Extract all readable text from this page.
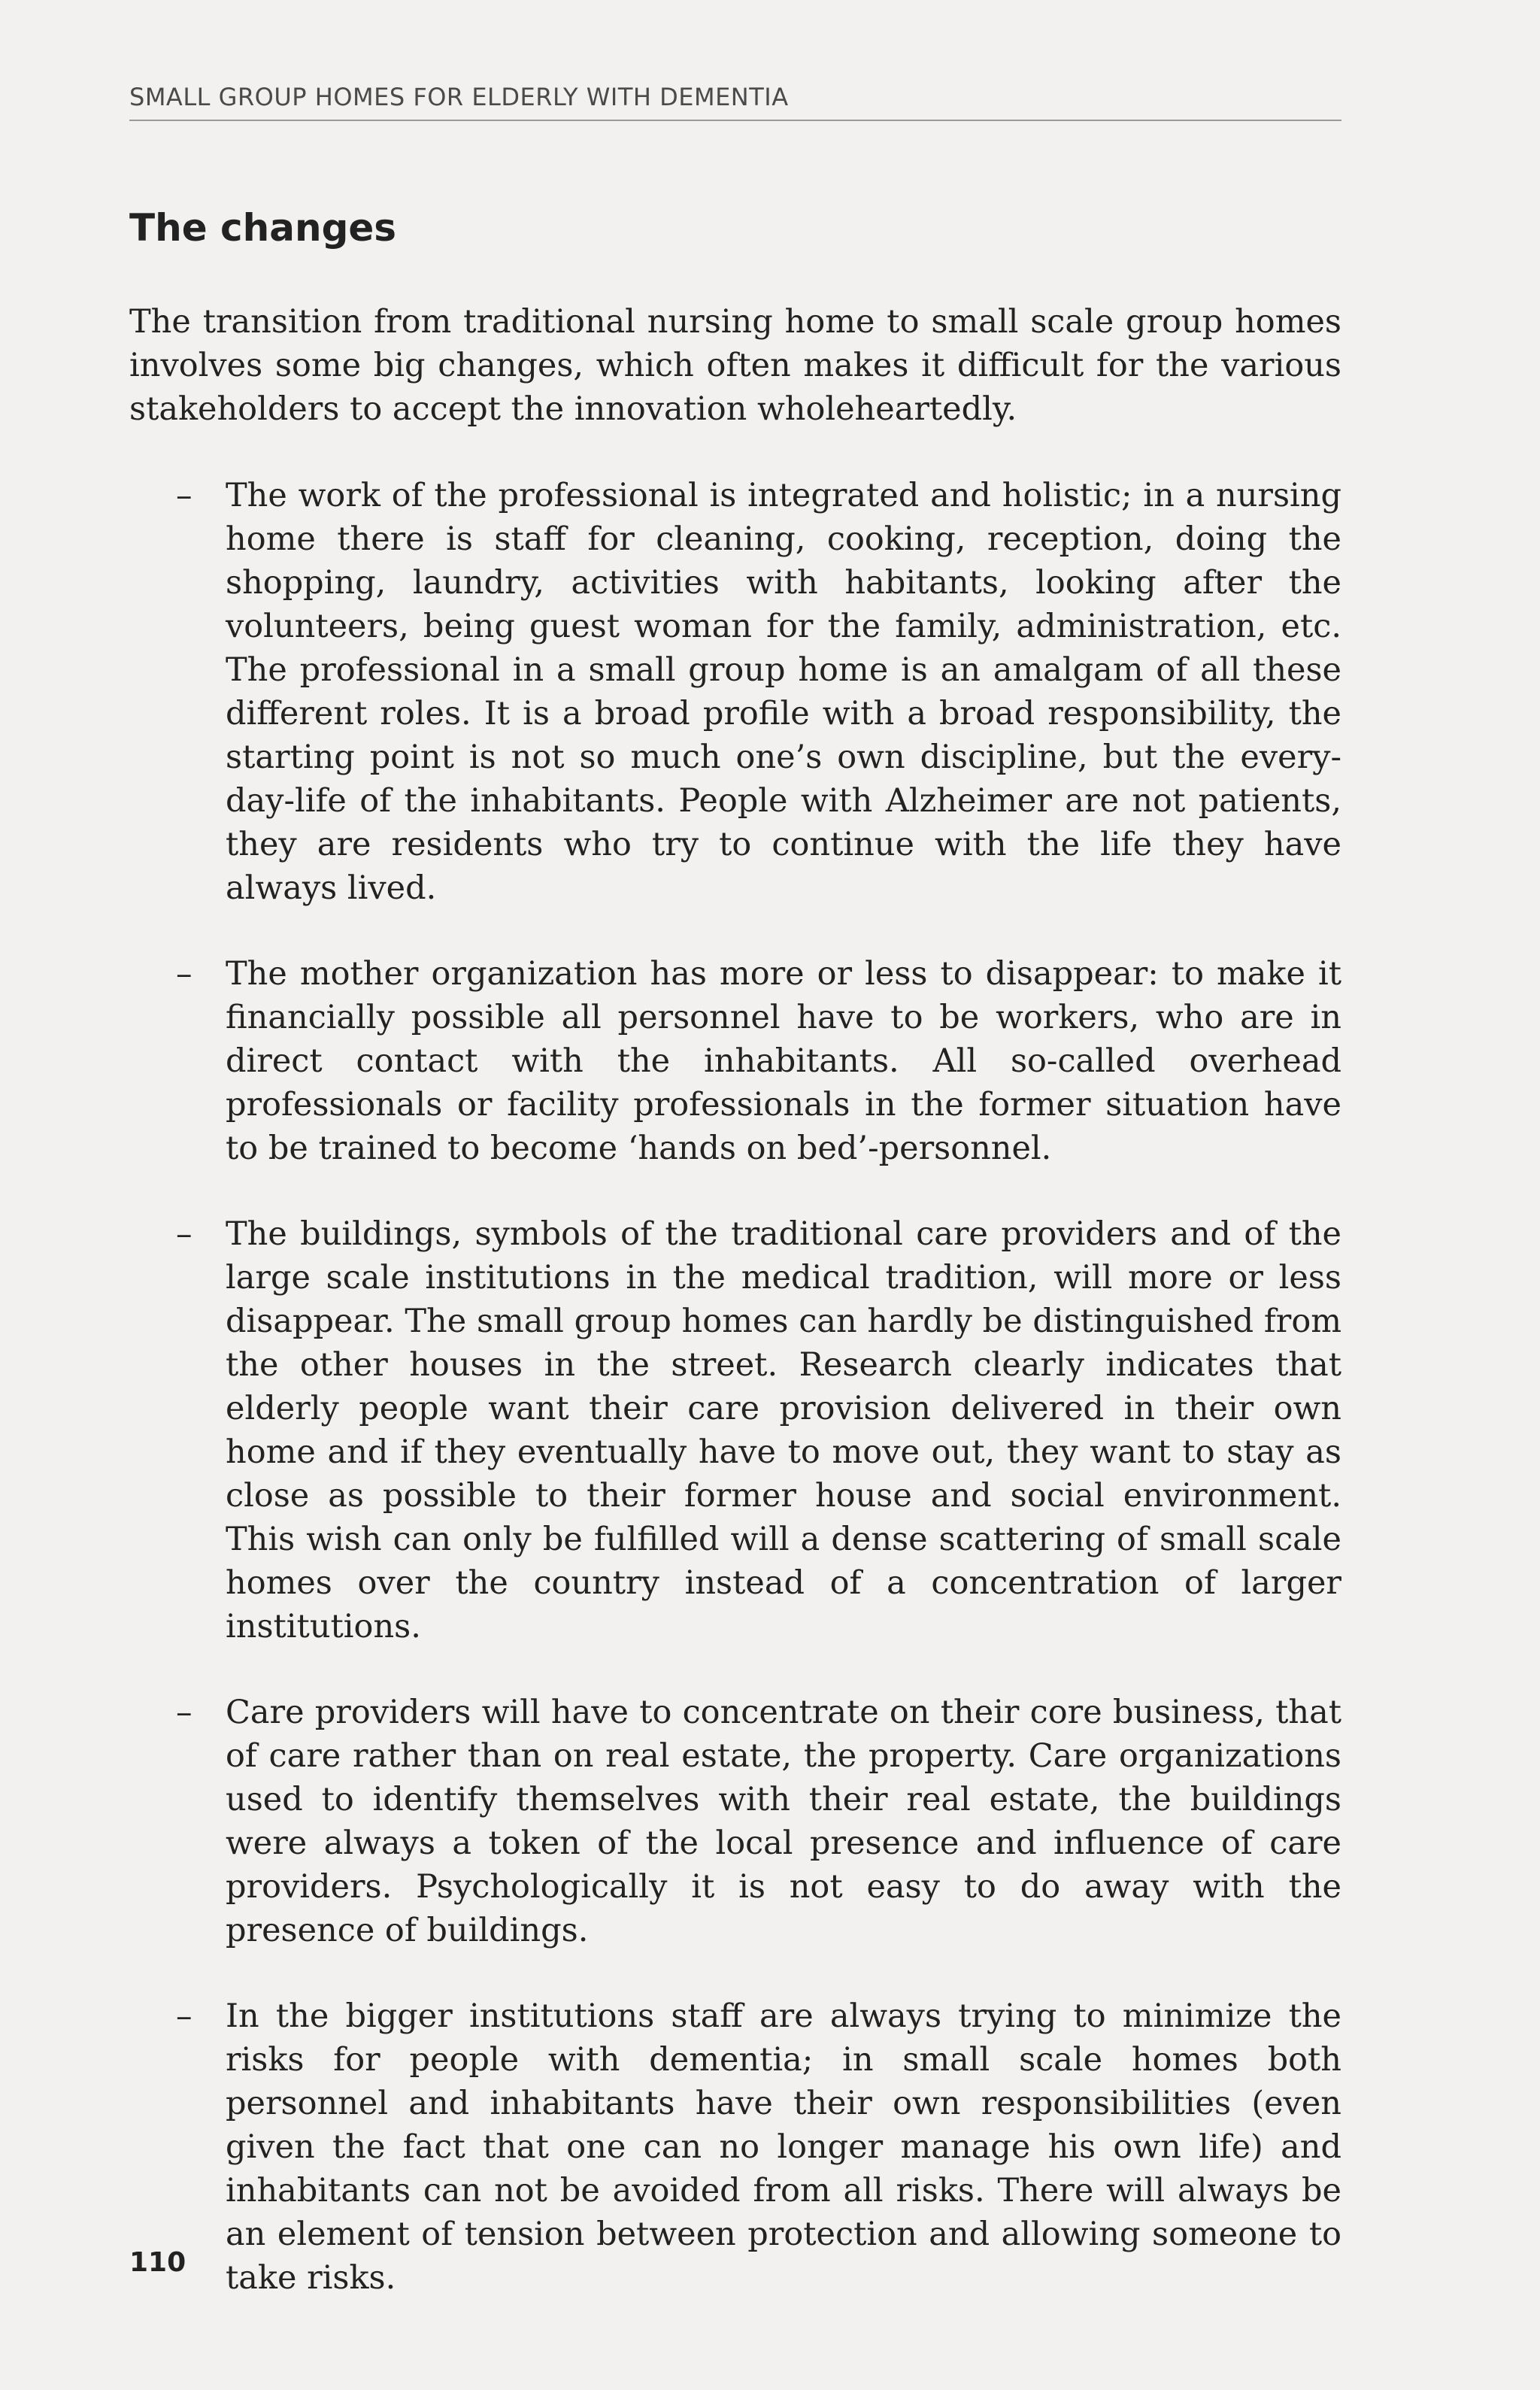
SMALL GROUP HOMES FOR ELDERLY WITH DEMENTIA
The changes

The transition from traditional nursing home to small scale group homes involves some big changes, which often makes it difficult for the various stakeholders to accept the innovation wholeheartedly.

– The work of the professional is integrated and holistic; in a nursing home there is staff for cleaning, cooking, reception, doing the shopping, laundry, activities with habitants, looking after the volunteers, being guest woman for the family, administration, etc. The professional in a small group home is an amalgam of all these different roles. It is a broad profile with a broad responsibility, the starting point is not so much one’s own discipline, but the every-day-life of the inhabitants. People with Alzheimer are not patients, they are residents who try to continue with the life they have always lived.
– The mother organization has more or less to disappear: to make it financially possible all personnel have to be workers, who are in direct contact with the inhabitants. All so-called overhead professionals or facility professionals in the former situation have to be trained to become ‘hands on bed’-personnel.
– The buildings, symbols of the traditional care providers and of the large scale institutions in the medical tradition, will more or less disappear. The small group homes can hardly be distinguished from the other houses in the street. Research clearly indicates that elderly people want their care provision delivered in their own home and if they eventually have to move out, they want to stay as close as possible to their former house and social environment. This wish can only be fulfilled will a dense scattering of small scale homes over the country instead of a concentration of larger institutions.
– Care providers will have to concentrate on their core business, that of care rather than on real estate, the property. Care organizations used to identify themselves with their real estate, the buildings were always a token of the local presence and influence of care providers. Psychologically it is not easy to do away with the presence of buildings.
– In the bigger institutions staff are always trying to minimize the risks for people with dementia; in small scale homes both personnel and inhabitants have their own responsibilities (even given the fact that one can no longer manage his own life) and inhabitants can not be avoided from all risks. There will always be an element of tension between protection and allowing someone to take risks.
110
